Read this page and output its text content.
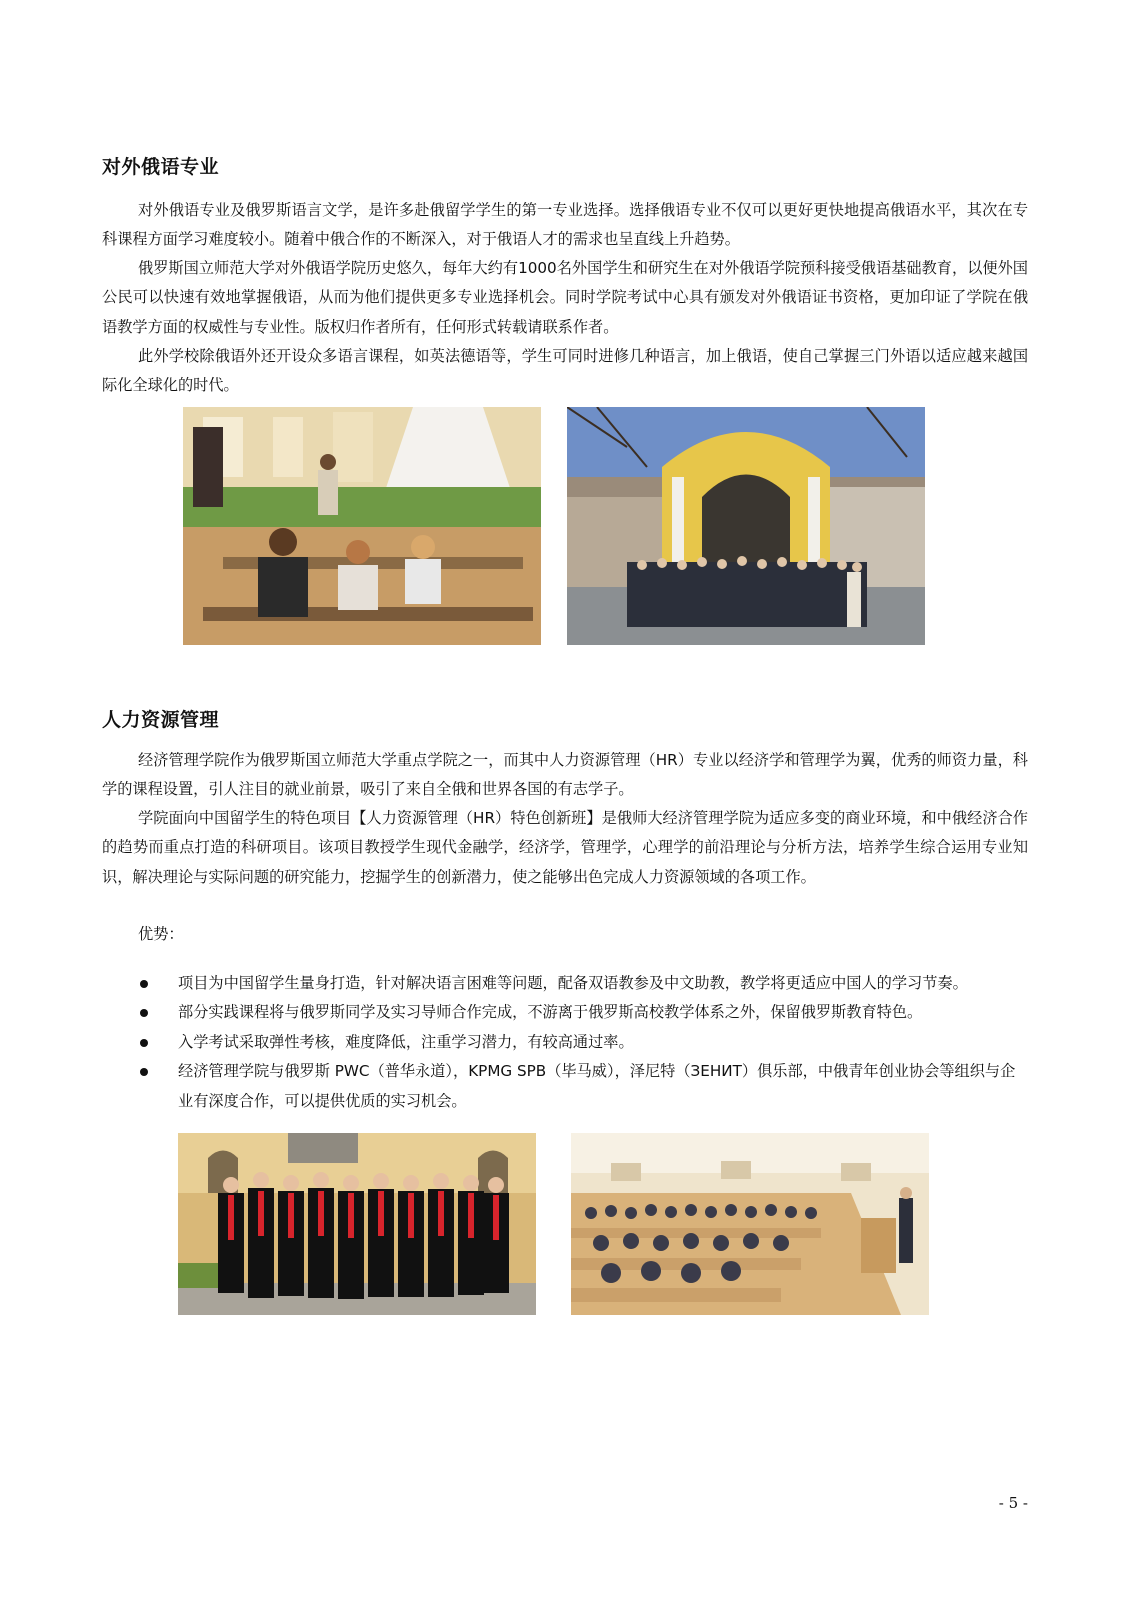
对外俄语专业

对外俄语专业及俄罗斯语言文学，是许多赴俄留学学生的第一专业选择。选择俄语专业不仅可以更好更快地提高俄语水平，其次在专科课程方面学习难度较小。随着中俄合作的不断深入，对于俄语人才的需求也呈直线上升趋势。

俄罗斯国立师范大学对外俄语学院历史悠久，每年大约有1000名外国学生和研究生在对外俄语学院预科接受俄语基础教育，以便外国公民可以快速有效地掌握俄语，从而为他们提供更多专业选择机会。同时学院考试中心具有颁发对外俄语证书资格，更加印证了学院在俄语教学方面的权威性与专业性。版权归作者所有，任何形式转载请联系作者。

此外学校除俄语外还开设众多语言课程，如英法德语等，学生可同时进修几种语言，加上俄语，使自己掌握三门外语以适应越来越国际化全球化的时代。

人力资源管理

经济管理学院作为俄罗斯国立师范大学重点学院之一，而其中人力资源管理（HR）专业以经济学和管理学为翼，优秀的师资力量，科学的课程设置，引人注目的就业前景，吸引了来自全俄和世界各国的有志学子。

学院面向中国留学生的特色项目【人力资源管理（HR）特色创新班】是俄师大经济管理学院为适应多变的商业环境，和中俄经济合作的趋势而重点打造的科研项目。该项目教授学生现代金融学，经济学，管理学，心理学的前沿理论与分析方法，培养学生综合运用专业知识，解决理论与实际问题的研究能力，挖掘学生的创新潜力，使之能够出色完成人力资源领域的各项工作。

优势：
项目为中国留学生量身打造，针对解决语言困难等问题，配备双语教参及中文助教，教学将更适应中国人的学习节奏。
部分实践课程将与俄罗斯同学及实习导师合作完成，不游离于俄罗斯高校教学体系之外，保留俄罗斯教育特色。
入学考试采取弹性考核，难度降低，注重学习潜力，有较高通过率。
经济管理学院与俄罗斯 PWC（普华永道），KPMG SPB（毕马威），泽尼特（ЗЕНИТ）俱乐部，中俄青年创业协会等组织与企业有深度合作，可以提供优质的实习机会。
- 5 -
